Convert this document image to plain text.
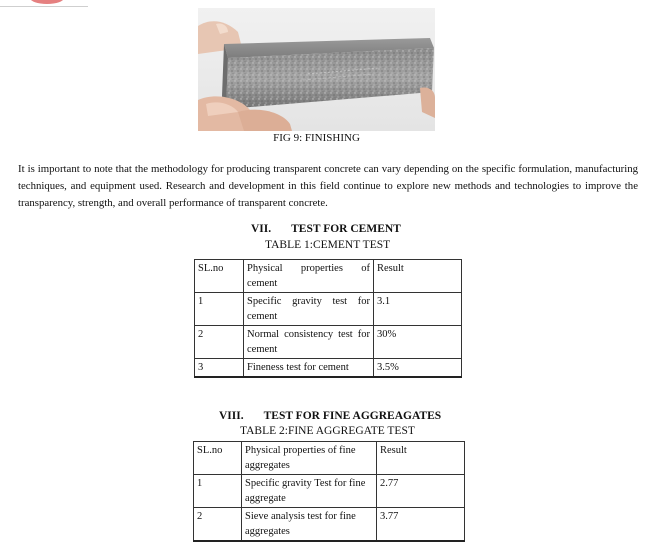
FIG 9: FINISHING
It is important to note that the methodology for producing transparent concrete can vary depending on the specific formulation, manufacturing techniques, and equipment used. Research and development in this field continue to explore new methods and technologies to improve the transparency, strength, and overall performance of transparent concrete.
VII. TEST FOR CEMENT
TABLE 1:CEMENT TEST
SL.no	Physical properties of cement	Result
1	Specific gravity test for cement	3.1
2	Normal consistency test for cement	30%
3	Fineness test for cement	3.5%
VIII. TEST FOR FINE AGGREAGATES
TABLE 2:FINE AGGREGATE TEST
SL.no	Physical properties of fine aggregates	Result
1	Specific gravity Test for fine aggregate	2.77
2	Sieve analysis test for fine aggregates	3.77
